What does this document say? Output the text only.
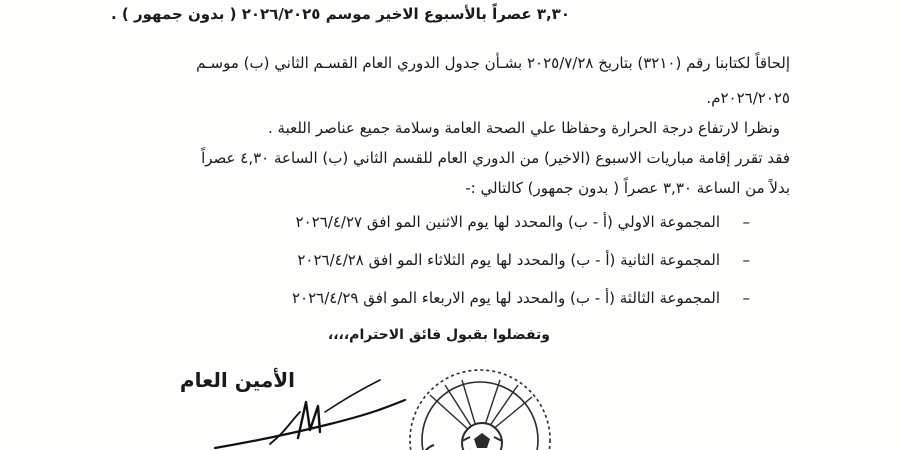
٣,٣٠ عصراً بالأسبوع الاخير موسم ٢٠٢٦/٢٠٢٥ ( بدون جمهور ) .
إلحاقاً لكتابنا رقم (٣٢١٠) بتاريخ ٢٠٢٥/٧/٢٨ بشـأن جدول الدوري العام القسـم الثاني (ب) موسـم
٢٠٢٦/٢٠٢٥م.
ونظرا لارتفاع درجة الحرارة وحفاظا علي الصحة العامة وسلامة جميع عناصر اللعبة .
فقد تقرر إقامة مباريات الاسبوع (الاخير) من الدوري العام للقسم الثاني (ب) الساعة ٤,٣٠ عصراً
بدلاً من الساعة ٣,٣٠ عصراً ( بدون جمهور) كالتالي :-
–
المجموعة الاولي (أ - ب) والمحدد لها يوم الاثنين المو افق ٢٠٢٦/٤/٢٧
–
المجموعة الثانية (أ - ب) والمحدد لها يوم الثلاثاء المو افق ٢٠٢٦/٤/٢٨
–
المجموعة الثالثة (أ - ب) والمحدد لها يوم الاربعاء المو افق ٢٠٢٦/٤/٢٩
وتفضلوا بقبول فائق الاحترام،،،،
الأمين العام
